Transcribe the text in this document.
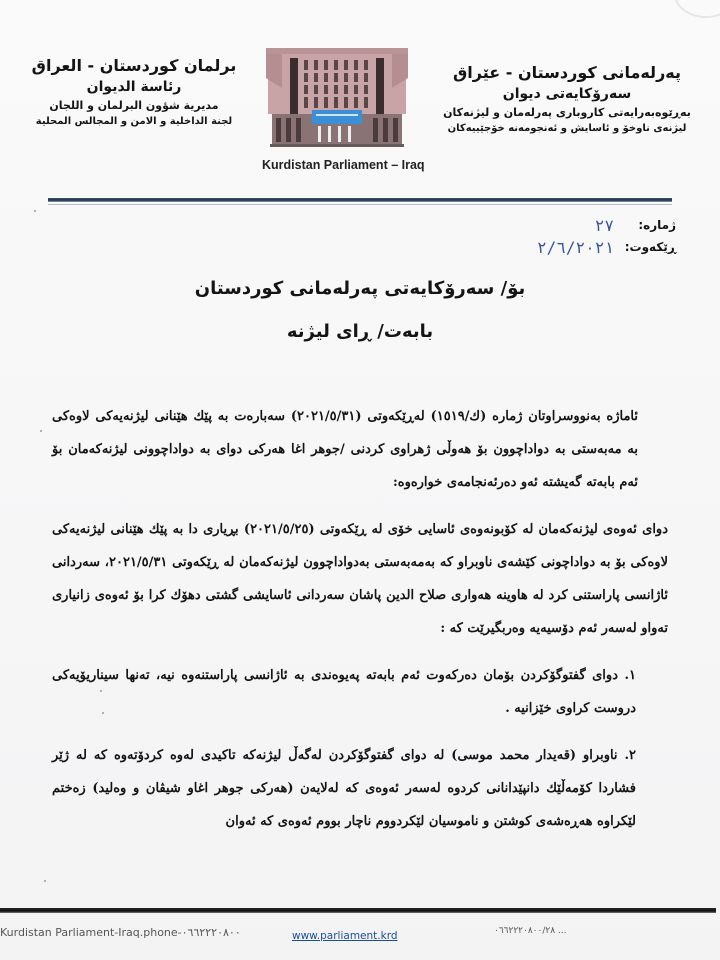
برلمان كوردستان - العراق
رئاسة الديوان
مديرية شؤون البرلمان و اللجان
لجنة الداخلية و الامن و المجالس المحلية
Kurdistan Parliament – Iraq
پەرلەمانی کوردستان - عێراق
سەرۆکایەتی دیوان
بەڕێوەبەرایەتی کاروباری پەرلەمان و لیژنەکان
لیژنەی ناوخۆ و ئاسایش و ئەنجومەنە خۆجێییەکان
ژمارە:
٢٧
ڕێکەوت:
٢/٦/٢٠٢١
بۆ/ سەرۆکایەتی پەرلەمانی کوردستان
بابەت/ ڕای لیژنە

ئاماژە بەنووسراوتان ژمارە (ك/١٥١٩) لەڕێکەوتی (٢٠٢١/٥/٣١) سەبارەت بە پێك هێنانی لیژنەیەکی لاوەکی بە مەبەستی بە دواداچوون بۆ هەوڵی ژهراوی کردنی /جوهر اغا هەرکی دوای بە دواداچوونی لیژنەکەمان بۆ ئەم بابەتە گەیشتە ئەو دەرئەنجامەی خوارەوە:

دوای ئەوەی لیژنەکەمان لە کۆبونەوەی ئاسایی خۆی لە ڕێکەوتی (٢٠٢١/٥/٢٥) بڕیاری دا بە پێك هێنانی لیژنەیەکی لاوەکی بۆ بە دواداچونی کێشەی ناوبراو کە بەمەبەستی بەدواداچوون لیژنەکەمان لە ڕێکەوتی ٢٠٢١/٥/٣١، سەردانی ئاژانسی پاراستنی کرد لە هاوینە هەواری صلاح الدین پاشان سەردانی ئاسایشی گشتی دهۆك کرا بۆ ئەوەی زانیاری تەواو لەسەر ئەم دۆسیەیە وەربگیرێت کە :

١. دوای گفتوگۆکردن بۆمان دەرکەوت ئەم بابەتە پەیوەندی بە ئاژانسی پاراستنەوە نیە، تەنها سیناریۆیەکی دروست کراوی خێزانیە .

٢. ناوبراو (قەیدار محمد موسی) لە دوای گفتوگۆکردن لەگەڵ لیژنەکە تاکیدی لەوە کردۆتەوە کە لە ژێر فشاردا کۆمەڵێك دانپێدانانی کردوە لەسەر ئەوەی کە لەلایەن (هەرکی جوهر اغاو شیڤان و وەلید) زەختم لێکراوە هەڕەشەی کوشتن و ناموسیان لێکردووم ناچار بووم ئەوەی کە ئەوان

Kurdistan Parliament-Iraq.phone-٠٦٦٢٢٢٠٨٠٠	www.parliament.krd	٠٦٦٢٢٢٠٨٠٠/٢٨ ...
